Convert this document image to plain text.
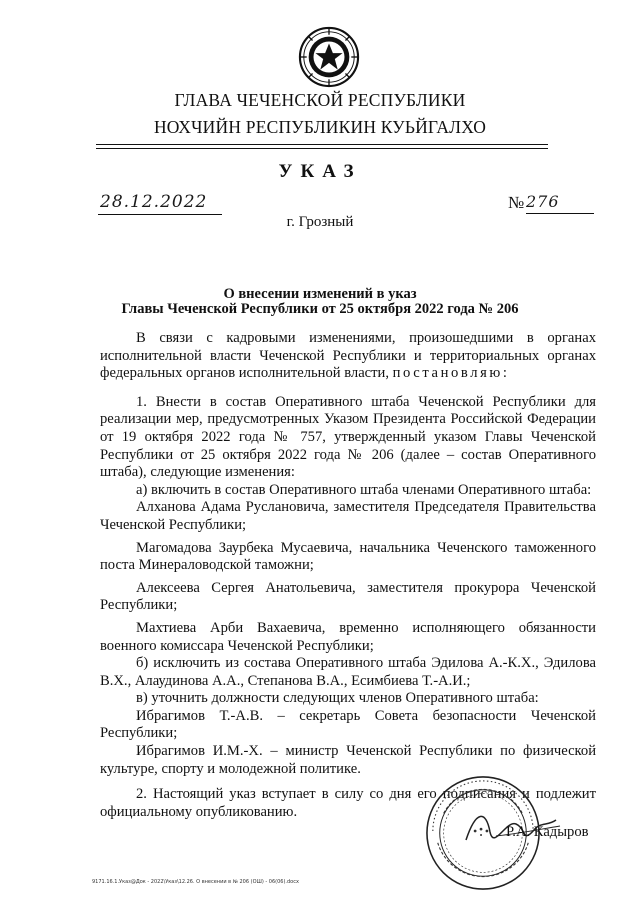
ГЛАВА ЧЕЧЕНСКОЙ РЕСПУБЛИКИ
НОХЧИЙН РЕСПУБЛИКИН КУЬЙГАЛХО
УКАЗ
28.12.2022	№ 276
г. Грозный
О внесении изменений в указ
Главы Чеченской Республики от 25 октября 2022 года № 206

В связи с кадровыми изменениями, произошедшими в органах исполнительной власти Чеченской Республики и территориальных органах федеральных органов исполнительной власти, постановляю:

1. Внести в состав Оперативного штаба Чеченской Республики для реализации мер, предусмотренных Указом Президента Российской Федерации от 19 октября 2022 года № 757, утвержденный указом Главы Чеченской Республики от 25 октября 2022 года № 206 (далее – состав Оперативного штаба), следующие изменения:

а) включить в состав Оперативного штаба членами Оперативного штаба:

Алханова Адама Руслановича, заместителя Председателя Правительства Чеченской Республики;

Магомадова Заурбека Мусаевича, начальника Чеченского таможенного поста Минераловодской таможни;

Алексеева Сергея Анатольевича, заместителя прокурора Чеченской Республики;

Махтиева Арби Вахаевича, временно исполняющего обязанности военного комиссара Чеченской Республики;

б) исключить из состава Оперативного штаба Эдилова А.-К.Х., Эдилова В.Х., Алаудинова А.А., Степанова В.А., Есимбиева Т.-А.И.;

в) уточнить должности следующих членов Оперативного штаба:

Ибрагимов Т.-А.В. – секретарь Совета безопасности Чеченской Республики;

Ибрагимов И.М.-Х. – министр Чеченской Республики по физической культуре, спорту и молодежной политике.

2. Настоящий указ вступает в силу со дня его подписания и подлежит официальному опубликованию.

Р.А. Кадыров
9171.16.1.Указ@Док - 2022\Указ\12.26. О внесении в № 206 (ОШ) - 06(06).docx
